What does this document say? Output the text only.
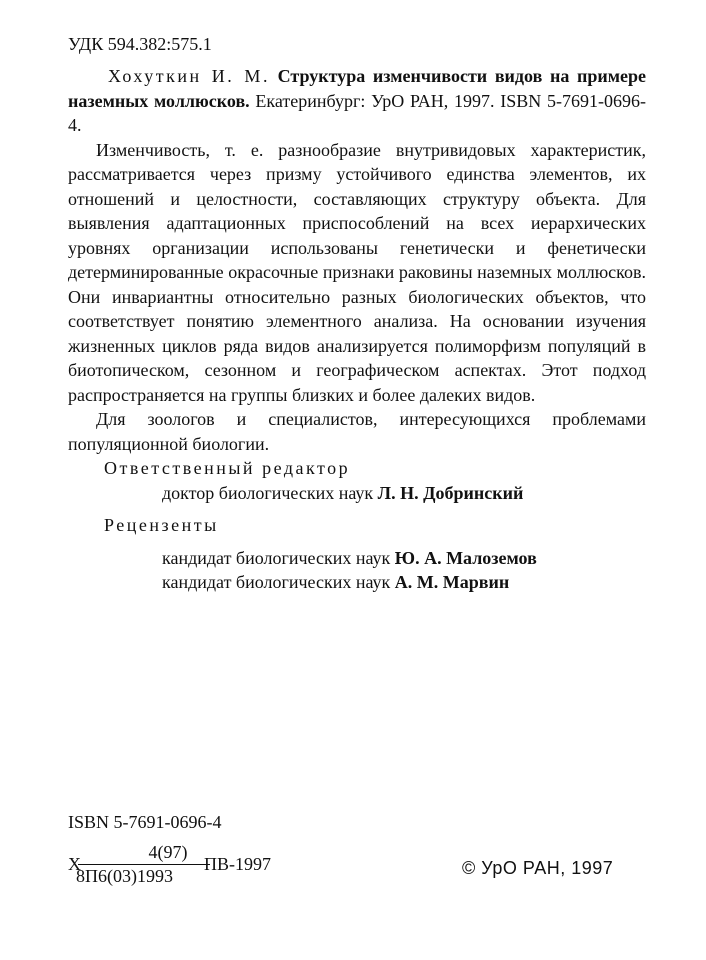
УДК 594.382:575.1

Хохуткин И. М. Структура изменчивости видов на примере наземных моллюсков. Екатеринбург: УрО РАН, 1997. ISBN 5-7691-0696-4.

Изменчивость, т. е. разнообразие внутривидовых характеристик, рассматривается через призму устойчивого единства элементов, их отношений и целостности, составляющих структуру объекта. Для выявления адаптационных приспособлений на всех иерархических уровнях организации использованы генетически и фенетически детерминированные окрасочные признаки раковины наземных моллюсков. Они инвариантны относительно разных биологических объектов, что соответствует понятию элементного анализа. На основании изучения жизненных циклов ряда видов анализируется полиморфизм популяций в биотопическом, сезонном и географическом аспектах. Этот подход распространяется на группы близких и более далеких видов.

Для зоологов и специалистов, интересующихся проблемами популяционной биологии.

Ответственный редактор
доктор биологических наук Л. Н. Добринский
Рецензенты
кандидат биологических наук Ю. А. Малоземов
кандидат биологических наук А. М. Марвин
ISBN 5-7691-0696-4
Х
4(97)
8П6(03)1993
ПВ-1997	© УрО РАН, 1997
